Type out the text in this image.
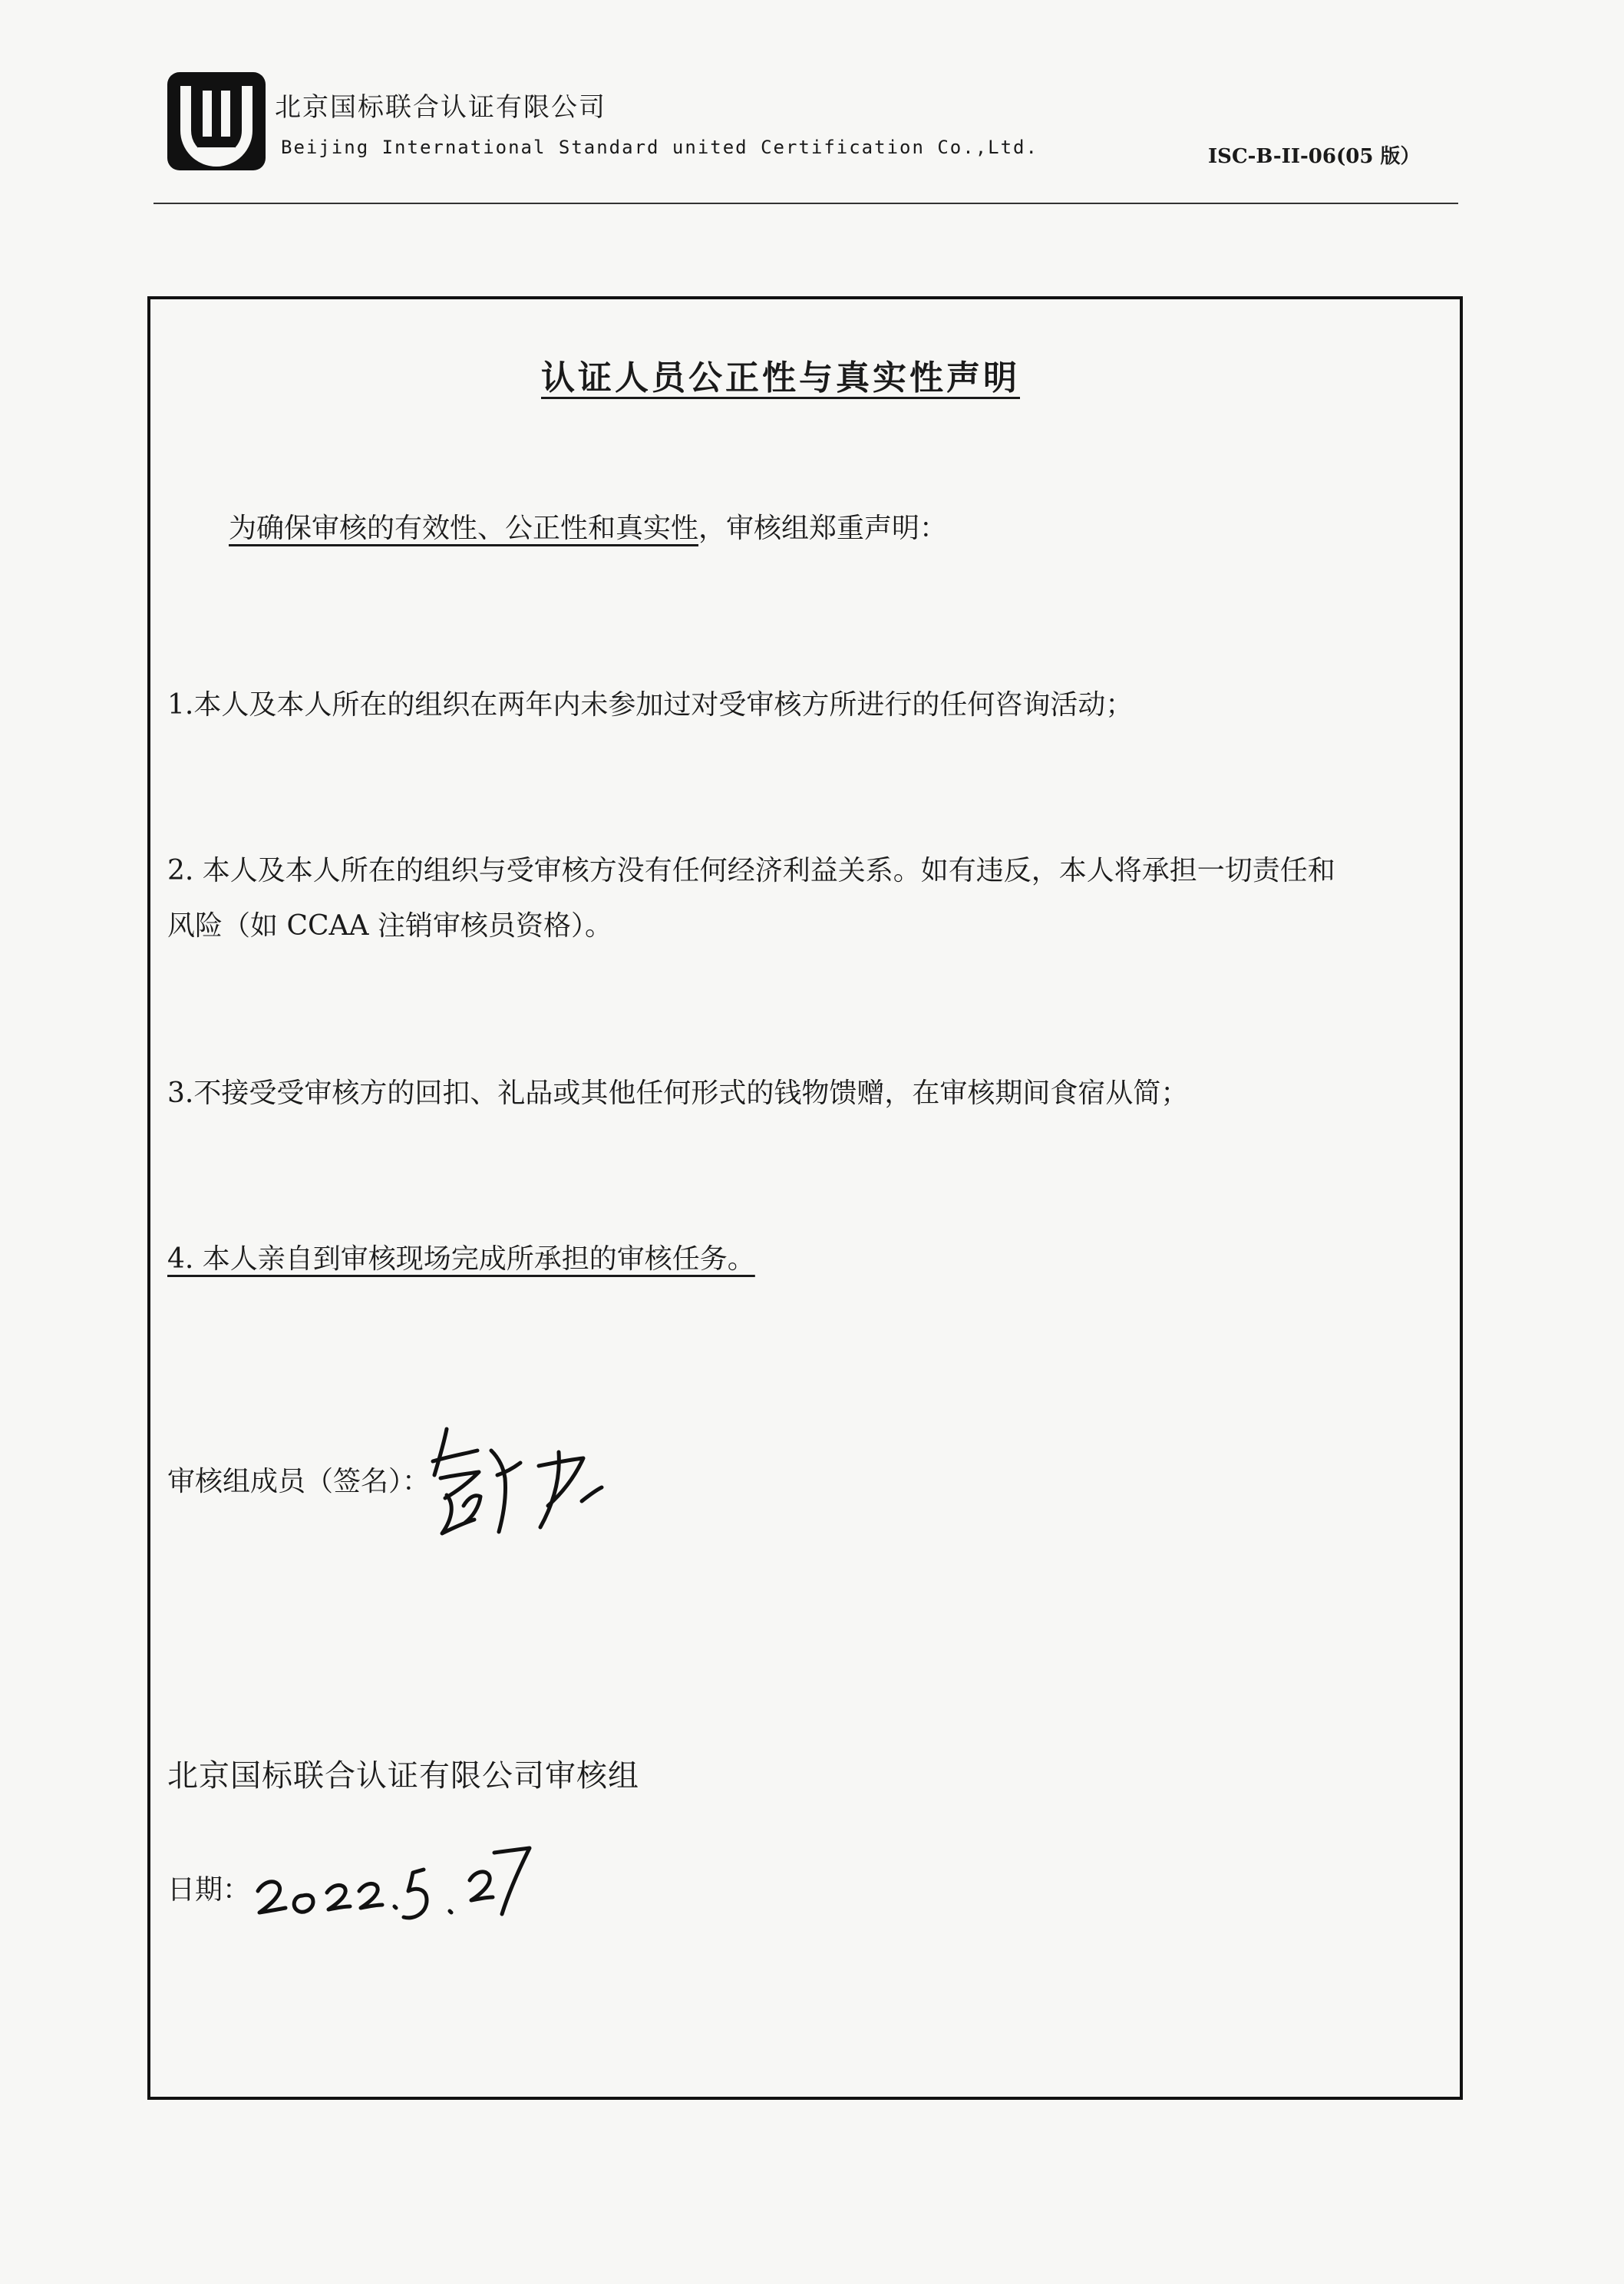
北京国标联合认证有限公司
Beijing International Standard united Certification Co.,Ltd.	ISC-B-II-06(05 版）
认证人员公正性与真实性声明
为确保审核的有效性、公正性和真实性，审核组郑重声明：
1.本人及本人所在的组织在两年内未参加过对受审核方所进行的任何咨询活动；
2. 本人及本人所在的组织与受审核方没有任何经济利益关系。如有违反，本人将承担一切责任和
风险（如 CCAA 注销审核员资格）。
3.不接受受审核方的回扣、礼品或其他任何形式的钱物馈赠，在审核期间食宿从简；
4. 本人亲自到审核现场完成所承担的审核任务。
审核组成员（签名）：
北京国标联合认证有限公司审核组
日期：
